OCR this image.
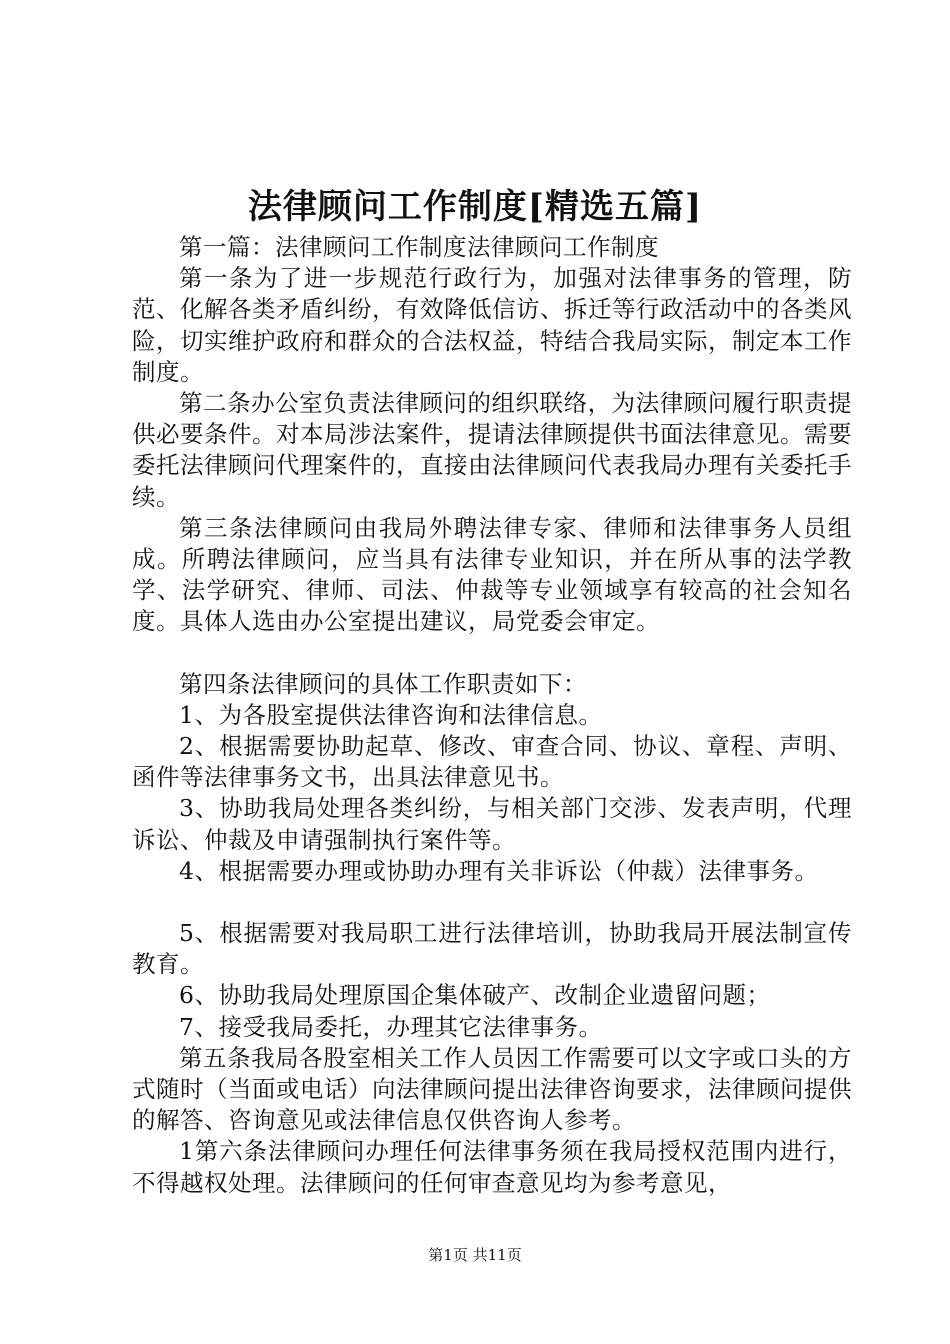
法律顾问工作制度[精选五篇]

第一篇：法律顾问工作制度法律顾问工作制度

第一条为了进一步规范行政行为，加强对法律事务的管理，防范、化解各类矛盾纠纷，有效降低信访、拆迁等行政活动中的各类风险，切实维护政府和群众的合法权益，特结合我局实际，制定本工作制度。

第二条办公室负责法律顾问的组织联络，为法律顾问履行职责提供必要条件。对本局涉法案件，提请法律顾提供书面法律意见。需要委托法律顾问代理案件的，直接由法律顾问代表我局办理有关委托手续。

第三条法律顾问由我局外聘法律专家、律师和法律事务人员组成。所聘法律顾问，应当具有法律专业知识，并在所从事的法学教学、法学研究、律师、司法、仲裁等专业领域享有较高的社会知名度。具体人选由办公室提出建议，局党委会审定。

第四条法律顾问的具体工作职责如下：

1、为各股室提供法律咨询和法律信息。

2、根据需要协助起草、修改、审查合同、协议、章程、声明、函件等法律事务文书，出具法律意见书。

3、协助我局处理各类纠纷，与相关部门交涉、发表声明，代理诉讼、仲裁及申请强制执行案件等。

4、根据需要办理或协助办理有关非诉讼（仲裁）法律事务。

5、根据需要对我局职工进行法律培训，协助我局开展法制宣传教育。

6、协助我局处理原国企集体破产、改制企业遗留问题；

7、接受我局委托，办理其它法律事务。

第五条我局各股室相关工作人员因工作需要可以文字或口头的方式随时（当面或电话）向法律顾问提出法律咨询要求，法律顾问提供的解答、咨询意见或法律信息仅供咨询人参考。

1第六条法律顾问办理任何法律事务须在我局授权范围内进行，不得越权处理。法律顾问的任何审查意见均为参考意见，

第1页 共11页
